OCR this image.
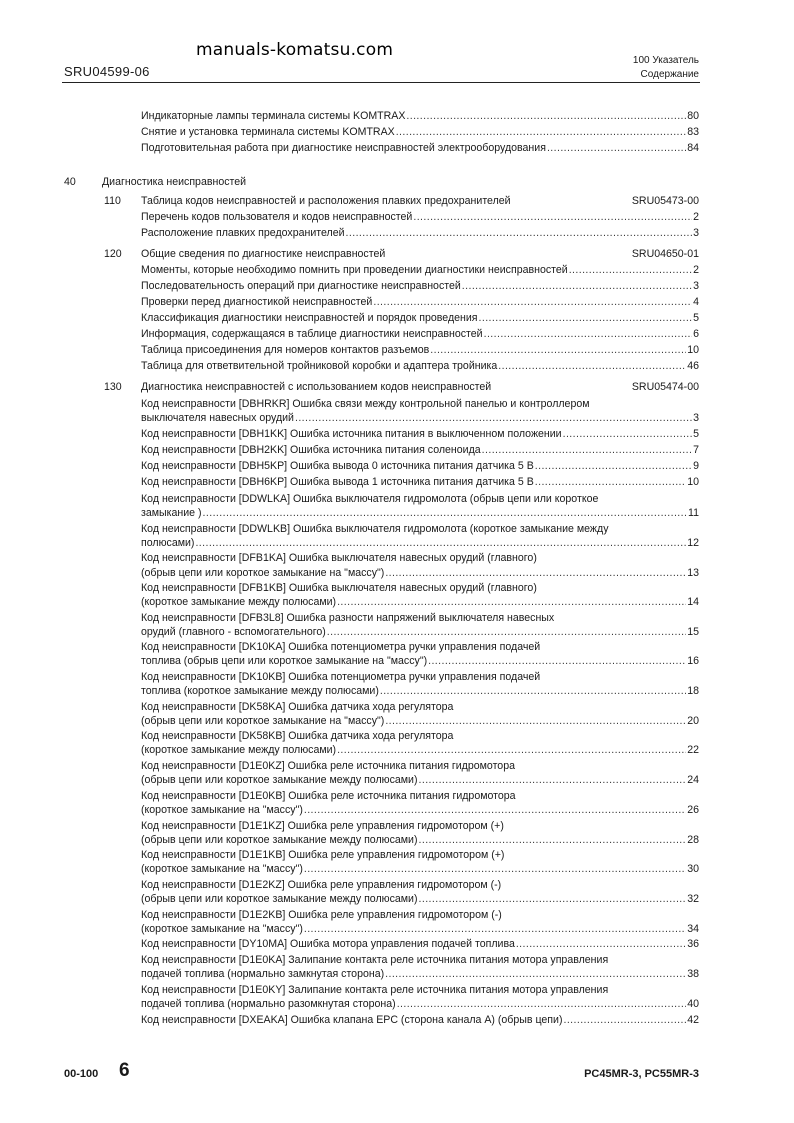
SRU04599-06
manuals-komatsu.com
100 Указатель
Содержание
Индикаторные лампы терминала системы KOMTRAX .....	80
Снятие и установка терминала системы KOMTRAX .....	83
Подготовительная работа при диагностике неисправностей электрооборудования .....	84
40 Диагностика неисправностей
110 Таблица кодов неисправностей и расположения плавких предохранителей	SRU05473-00
Перечень кодов пользователя и кодов неисправностей .....	2
Расположение плавких предохранителей .....	3
120 Общие сведения по диагностике неисправностей	SRU04650-01
Моменты, которые необходимо помнить при проведении диагностики неисправностей .....	2
Последовательность операций при диагностике неисправностей .....	3
Проверки перед диагностикой неисправностей .....	4
Классификация диагностики неисправностей и порядок проведения .....	5
Информация, содержащаяся в таблице диагностики неисправностей .....	6
Таблица присоединения для номеров контактов разъемов .....	10
Таблица для ответвительной тройниковой коробки и адаптера тройника .....	46
130 Диагностика неисправностей с использованием кодов неисправностей	SRU05474-00
Код неисправности [DBHRKR] Ошибка связи между контрольной панелью и контроллером
выключателя навесных орудий .....	3
Код неисправности [DBH1KK] Ошибка источника питания в выключенном положении .....	5
Код неисправности [DBH2KK] Ошибка источника питания соленоида .....	7
Код неисправности [DBH5KP] Ошибка вывода 0 источника питания датчика 5 В .....	9
Код неисправности [DBH6KP] Ошибка вывода 1 источника питания датчика 5 В .....	10
Код неисправности [DDWLKA] Ошибка выключателя гидромолота (обрыв цепи или короткое
замыкание ) .....	11
Код неисправности [DDWLKB] Ошибка выключателя гидромолота (короткое замыкание между
полюсами) .....	12
Код неисправности [DFB1KA] Ошибка выключателя навесных орудий (главного)
(обрыв цепи или короткое замыкание на "массу") .....	13
Код неисправности [DFB1KB] Ошибка выключателя навесных орудий (главного)
(короткое замыкание между полюсами) .....	14
Код неисправности [DFB3L8] Ошибка разности напряжений выключателя навесных
орудий (главного - вспомогательного) .....	15
Код неисправности [DK10KA] Ошибка потенциометра ручки управления подачей
топлива (обрыв цепи или короткое замыкание на "массу") .....	16
Код неисправности [DK10KB] Ошибка потенциометра ручки управления подачей
топлива (короткое замыкание между полюсами) .....	18
Код неисправности [DK58KA] Ошибка датчика хода регулятора
(обрыв цепи или короткое замыкание на "массу") .....	20
Код неисправности [DK58KB] Ошибка датчика хода регулятора
(короткое замыкание между полюсами) .....	22
Код неисправности [D1E0KZ] Ошибка реле источника питания гидромотора
(обрыв цепи или короткое замыкание между полюсами) .....	24
Код неисправности [D1E0KB] Ошибка реле источника питания гидромотора
(короткое замыкание на "массу") .....	26
Код неисправности [D1E1KZ] Ошибка реле управления гидромотором (+)
(обрыв цепи или короткое замыкание между полюсами) .....	28
Код неисправности [D1E1KB] Ошибка реле управления гидромотором (+)
(короткое замыкание на "массу") .....	30
Код неисправности [D1E2KZ] Ошибка реле управления гидромотором (-)
(обрыв цепи или короткое замыкание между полюсами) .....	32
Код неисправности [D1E2KB] Ошибка реле управления гидромотором (-)
(короткое замыкание на "массу") .....	34
Код неисправности [DY10MA] Ошибка мотора управления подачей топлива .....	36
Код неисправности [D1E0KA] Залипание контакта реле источника питания мотора управления
подачей топлива (нормально замкнутая сторона) .....	38
Код неисправности [D1E0KY] Залипание контакта реле источника питания мотора управления
подачей топлива (нормально разомкнутая сторона) .....	40
Код неисправности [DXEAKA] Ошибка клапана EPC (сторона канала A) (обрыв цепи) .....	42
00-100 6	PC45MR-3, PC55MR-3
